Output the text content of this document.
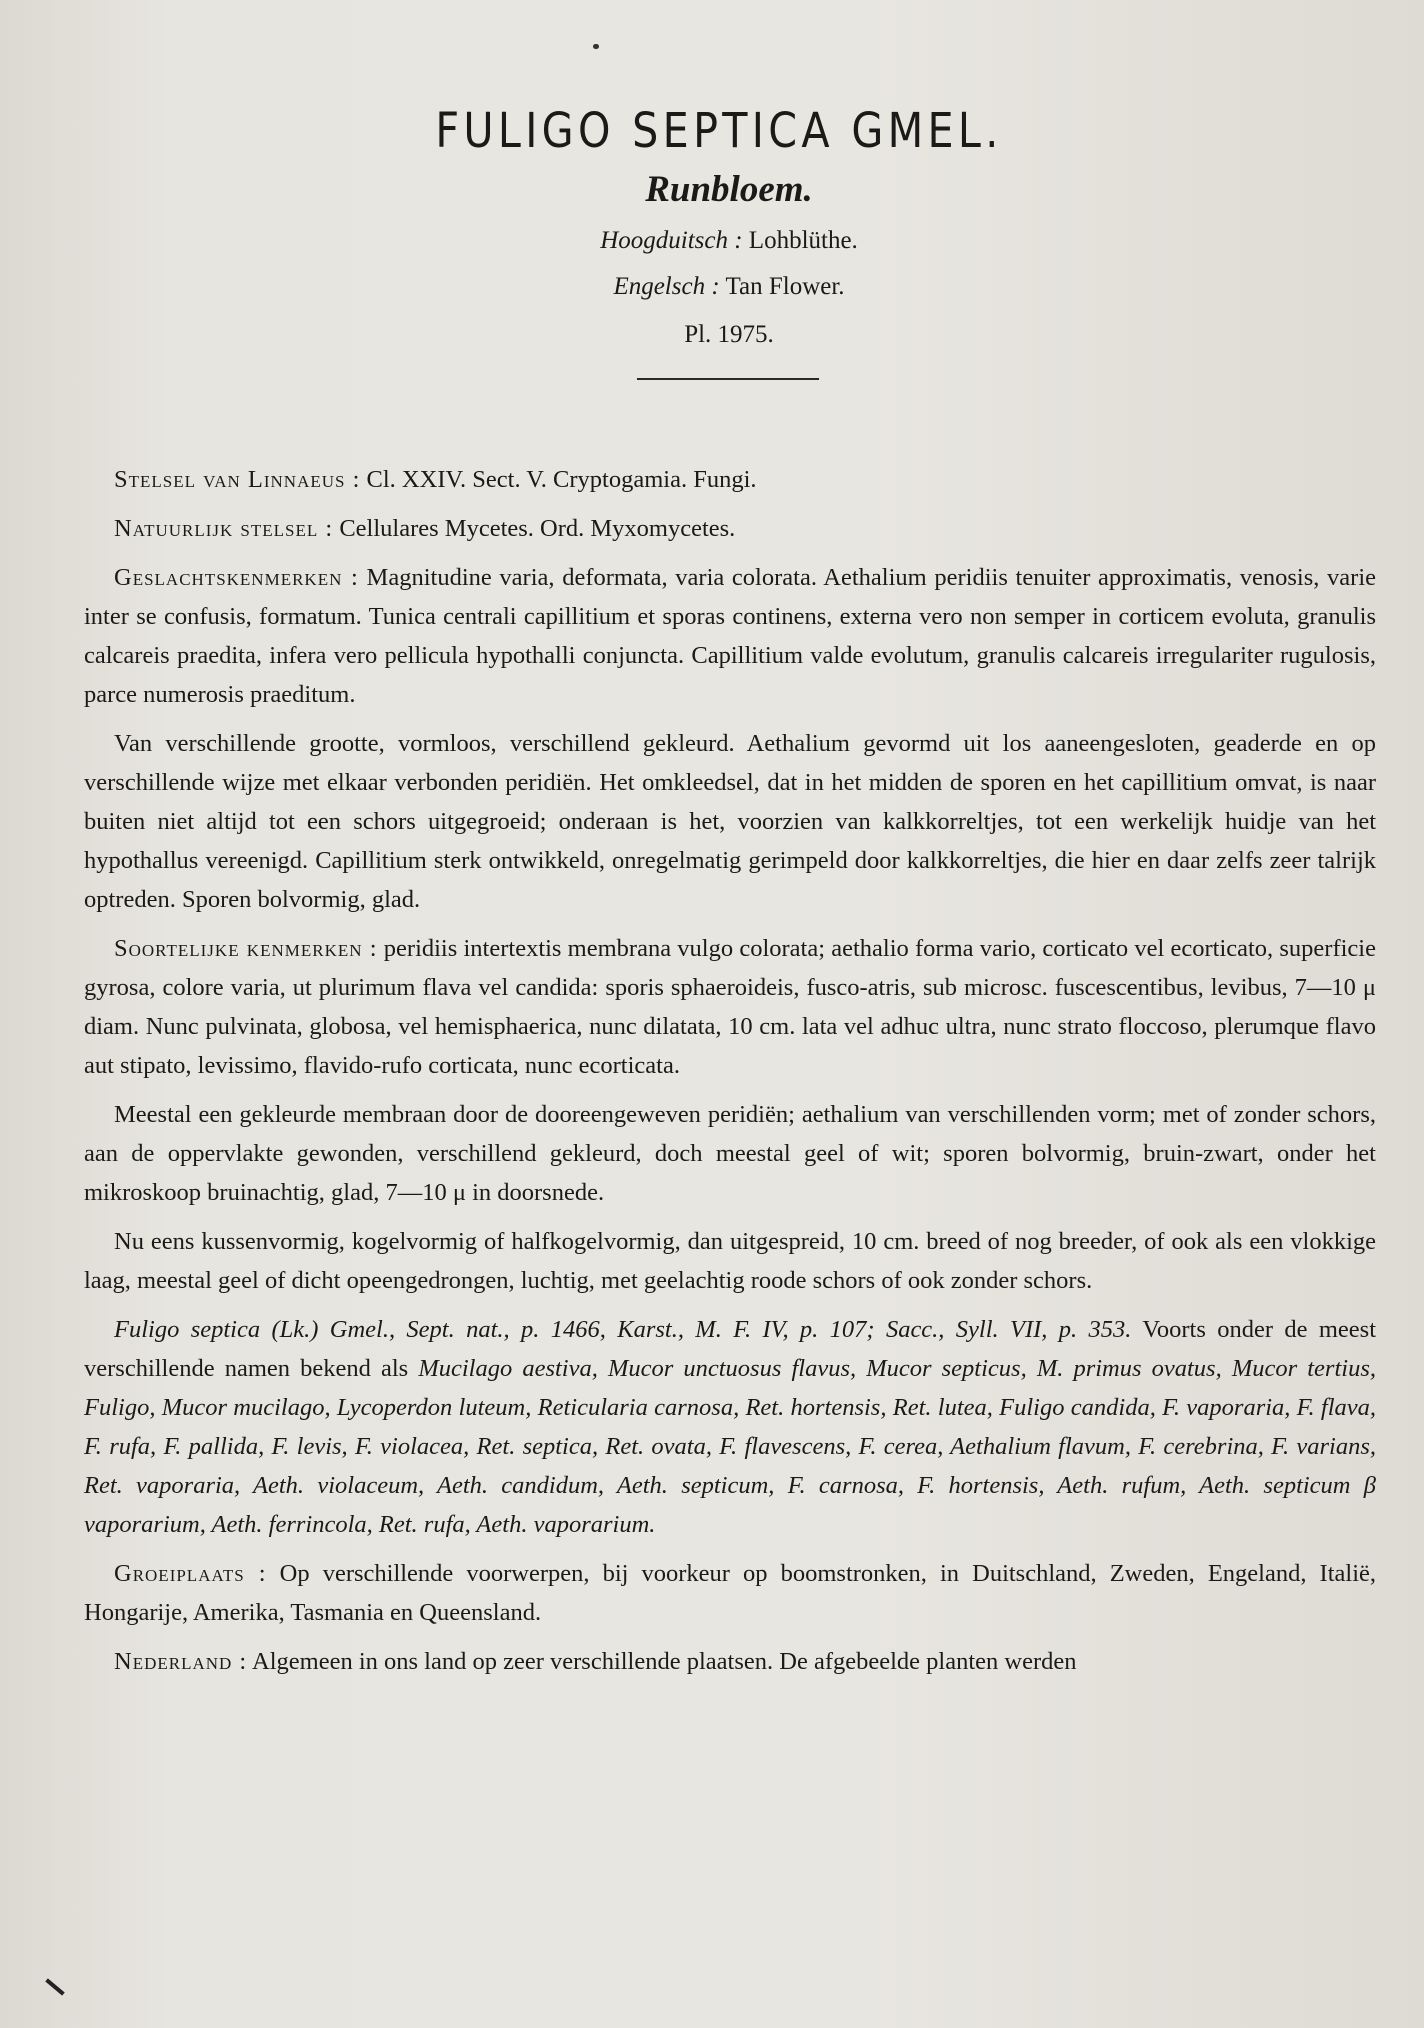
FULIGO SEPTICA GMEL.
Runbloem.
Hoogduitsch : Lohblüthe.
Engelsch : Tan Flower.
Pl. 1975.

Stelsel van Linnaeus : Cl. XXIV. Sect. V. Cryptogamia. Fungi.

Natuurlijk stelsel : Cellulares Mycetes. Ord. Myxomycetes.

Geslachtskenmerken : Magnitudine varia, deformata, varia colorata. Aethalium peridiis tenuiter approximatis, venosis, varie inter se confusis, formatum. Tunica centrali capillitium et sporas continens, externa vero non semper in corticem evoluta, granulis calcareis praedita, infera vero pellicula hypothalli conjuncta. Capillitium valde evolutum, granulis calcareis irregulariter rugulosis, parce numerosis praeditum.

Van verschillende grootte, vormloos, verschillend gekleurd. Aethalium gevormd uit los aaneengesloten, geaderde en op verschillende wijze met elkaar verbonden peridiën. Het omkleedsel, dat in het midden de sporen en het capillitium omvat, is naar buiten niet altijd tot een schors uitgegroeid; onderaan is het, voorzien van kalkkorreltjes, tot een werkelijk huidje van het hypothallus vereenigd. Capillitium sterk ontwikkeld, onregelmatig gerimpeld door kalkkorreltjes, die hier en daar zelfs zeer talrijk optreden. Sporen bolvormig, glad.

Soortelijke kenmerken : peridiis intertextis membrana vulgo colorata; aethalio forma vario, corticato vel ecorticato, superficie gyrosa, colore varia, ut plurimum flava vel candida: sporis sphaeroideis, fusco-atris, sub microsc. fuscescentibus, levibus, 7—10 μ diam. Nunc pulvinata, globosa, vel hemisphaerica, nunc dilatata, 10 cm. lata vel adhuc ultra, nunc strato floccoso, plerumque flavo aut stipato, levissimo, flavido-rufo corticata, nunc ecorticata.

Meestal een gekleurde membraan door de dooreengeweven peridiën; aethalium van verschillenden vorm; met of zonder schors, aan de oppervlakte gewonden, verschillend gekleurd, doch meestal geel of wit; sporen bolvormig, bruin-zwart, onder het mikroskoop bruinachtig, glad, 7—10 μ in doorsnede.

Nu eens kussenvormig, kogelvormig of halfkogelvormig, dan uitgespreid, 10 cm. breed of nog breeder, of ook als een vlokkige laag, meestal geel of dicht opeengedrongen, luchtig, met geelachtig roode schors of ook zonder schors.

Fuligo septica (Lk.) Gmel., Sept. nat., p. 1466, Karst., M. F. IV, p. 107; Sacc., Syll. VII, p. 353. Voorts onder de meest verschillende namen bekend als Mucilago aestiva, Mucor unctuosus flavus, Mucor septicus, M. primus ovatus, Mucor tertius, Fuligo, Mucor mucilago, Lycoperdon luteum, Reticularia carnosa, Ret. hortensis, Ret. lutea, Fuligo candida, F. vaporaria, F. flava, F. rufa, F. pallida, F. levis, F. violacea, Ret. septica, Ret. ovata, F. flavescens, F. cerea, Aethalium flavum, F. cerebrina, F. varians, Ret. vaporaria, Aeth. violaceum, Aeth. candidum, Aeth. septicum, F. carnosa, F. hortensis, Aeth. rufum, Aeth. septicum β vaporarium, Aeth. ferrincola, Ret. rufa, Aeth. vaporarium.

Groeiplaats : Op verschillende voorwerpen, bij voorkeur op boomstronken, in Duitschland, Zweden, Engeland, Italië, Hongarije, Amerika, Tasmania en Queensland.

Nederland : Algemeen in ons land op zeer verschillende plaatsen. De afgebeelde planten werden
